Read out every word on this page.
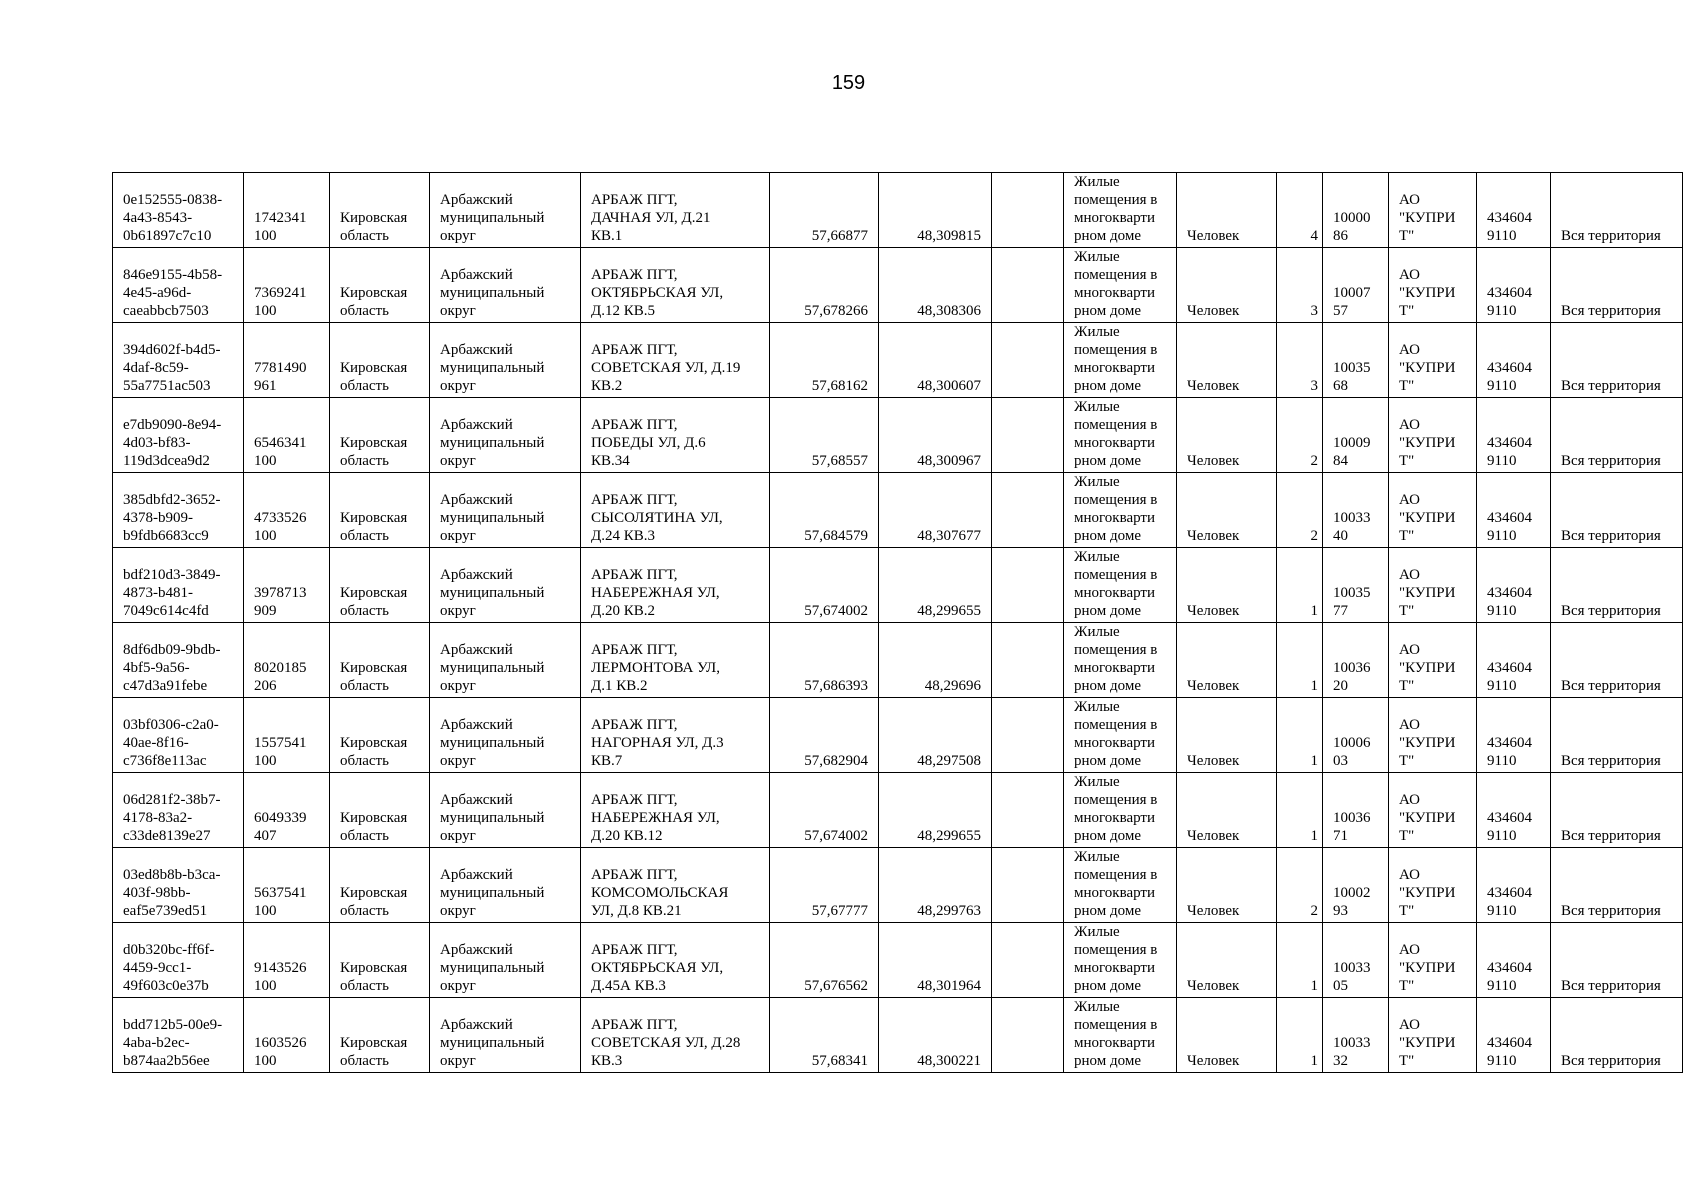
159
0e152555-0838-
4a43-8543-
0b61897c7c10	1742341
100	Кировская
область	Арбажский
муниципальный
округ	АРБАЖ ПГТ,
ДАЧНАЯ УЛ, Д.21
КВ.1	57,66877	48,309815		Жилые
помещения в
многокварти
рном доме	Человек	4	10000
86	АО
"КУПРИ
Т"	434604
9110	Вся территория
846e9155-4b58-
4e45-a96d-
caeabbcb7503	7369241
100	Кировская
область	Арбажский
муниципальный
округ	АРБАЖ ПГТ,
ОКТЯБРЬСКАЯ УЛ,
Д.12 КВ.5	57,678266	48,308306		Жилые
помещения в
многокварти
рном доме	Человек	3	10007
57	АО
"КУПРИ
Т"	434604
9110	Вся территория
394d602f-b4d5-
4daf-8c59-
55a7751ac503	7781490
961	Кировская
область	Арбажский
муниципальный
округ	АРБАЖ ПГТ,
СОВЕТСКАЯ УЛ, Д.19
КВ.2	57,68162	48,300607		Жилые
помещения в
многокварти
рном доме	Человек	3	10035
68	АО
"КУПРИ
Т"	434604
9110	Вся территория
e7db9090-8e94-
4d03-bf83-
119d3dcea9d2	6546341
100	Кировская
область	Арбажский
муниципальный
округ	АРБАЖ ПГТ,
ПОБЕДЫ УЛ, Д.6
КВ.34	57,68557	48,300967		Жилые
помещения в
многокварти
рном доме	Человек	2	10009
84	АО
"КУПРИ
Т"	434604
9110	Вся территория
385dbfd2-3652-
4378-b909-
b9fdb6683cc9	4733526
100	Кировская
область	Арбажский
муниципальный
округ	АРБАЖ ПГТ,
СЫСОЛЯТИНА УЛ,
Д.24 КВ.3	57,684579	48,307677		Жилые
помещения в
многокварти
рном доме	Человек	2	10033
40	АО
"КУПРИ
Т"	434604
9110	Вся территория
bdf210d3-3849-
4873-b481-
7049c614c4fd	3978713
909	Кировская
область	Арбажский
муниципальный
округ	АРБАЖ ПГТ,
НАБЕРЕЖНАЯ УЛ,
Д.20 КВ.2	57,674002	48,299655		Жилые
помещения в
многокварти
рном доме	Человек	1	10035
77	АО
"КУПРИ
Т"	434604
9110	Вся территория
8df6db09-9bdb-
4bf5-9a56-
c47d3a91febe	8020185
206	Кировская
область	Арбажский
муниципальный
округ	АРБАЖ ПГТ,
ЛЕРМОНТОВА УЛ,
Д.1 КВ.2	57,686393	48,29696		Жилые
помещения в
многокварти
рном доме	Человек	1	10036
20	АО
"КУПРИ
Т"	434604
9110	Вся территория
03bf0306-c2a0-
40ae-8f16-
c736f8e113ac	1557541
100	Кировская
область	Арбажский
муниципальный
округ	АРБАЖ ПГТ,
НАГОРНАЯ УЛ, Д.3
КВ.7	57,682904	48,297508		Жилые
помещения в
многокварти
рном доме	Человек	1	10006
03	АО
"КУПРИ
Т"	434604
9110	Вся территория
06d281f2-38b7-
4178-83a2-
c33de8139e27	6049339
407	Кировская
область	Арбажский
муниципальный
округ	АРБАЖ ПГТ,
НАБЕРЕЖНАЯ УЛ,
Д.20 КВ.12	57,674002	48,299655		Жилые
помещения в
многокварти
рном доме	Человек	1	10036
71	АО
"КУПРИ
Т"	434604
9110	Вся территория
03ed8b8b-b3ca-
403f-98bb-
eaf5e739ed51	5637541
100	Кировская
область	Арбажский
муниципальный
округ	АРБАЖ ПГТ,
КОМСОМОЛЬСКАЯ
УЛ, Д.8 КВ.21	57,67777	48,299763		Жилые
помещения в
многокварти
рном доме	Человек	2	10002
93	АО
"КУПРИ
Т"	434604
9110	Вся территория
d0b320bc-ff6f-
4459-9cc1-
49f603c0e37b	9143526
100	Кировская
область	Арбажский
муниципальный
округ	АРБАЖ ПГТ,
ОКТЯБРЬСКАЯ УЛ,
Д.45А КВ.3	57,676562	48,301964		Жилые
помещения в
многокварти
рном доме	Человек	1	10033
05	АО
"КУПРИ
Т"	434604
9110	Вся территория
bdd712b5-00e9-
4aba-b2ec-
b874aa2b56ee	1603526
100	Кировская
область	Арбажский
муниципальный
округ	АРБАЖ ПГТ,
СОВЕТСКАЯ УЛ, Д.28
КВ.3	57,68341	48,300221		Жилые
помещения в
многокварти
рном доме	Человек	1	10033
32	АО
"КУПРИ
Т"	434604
9110	Вся территория
